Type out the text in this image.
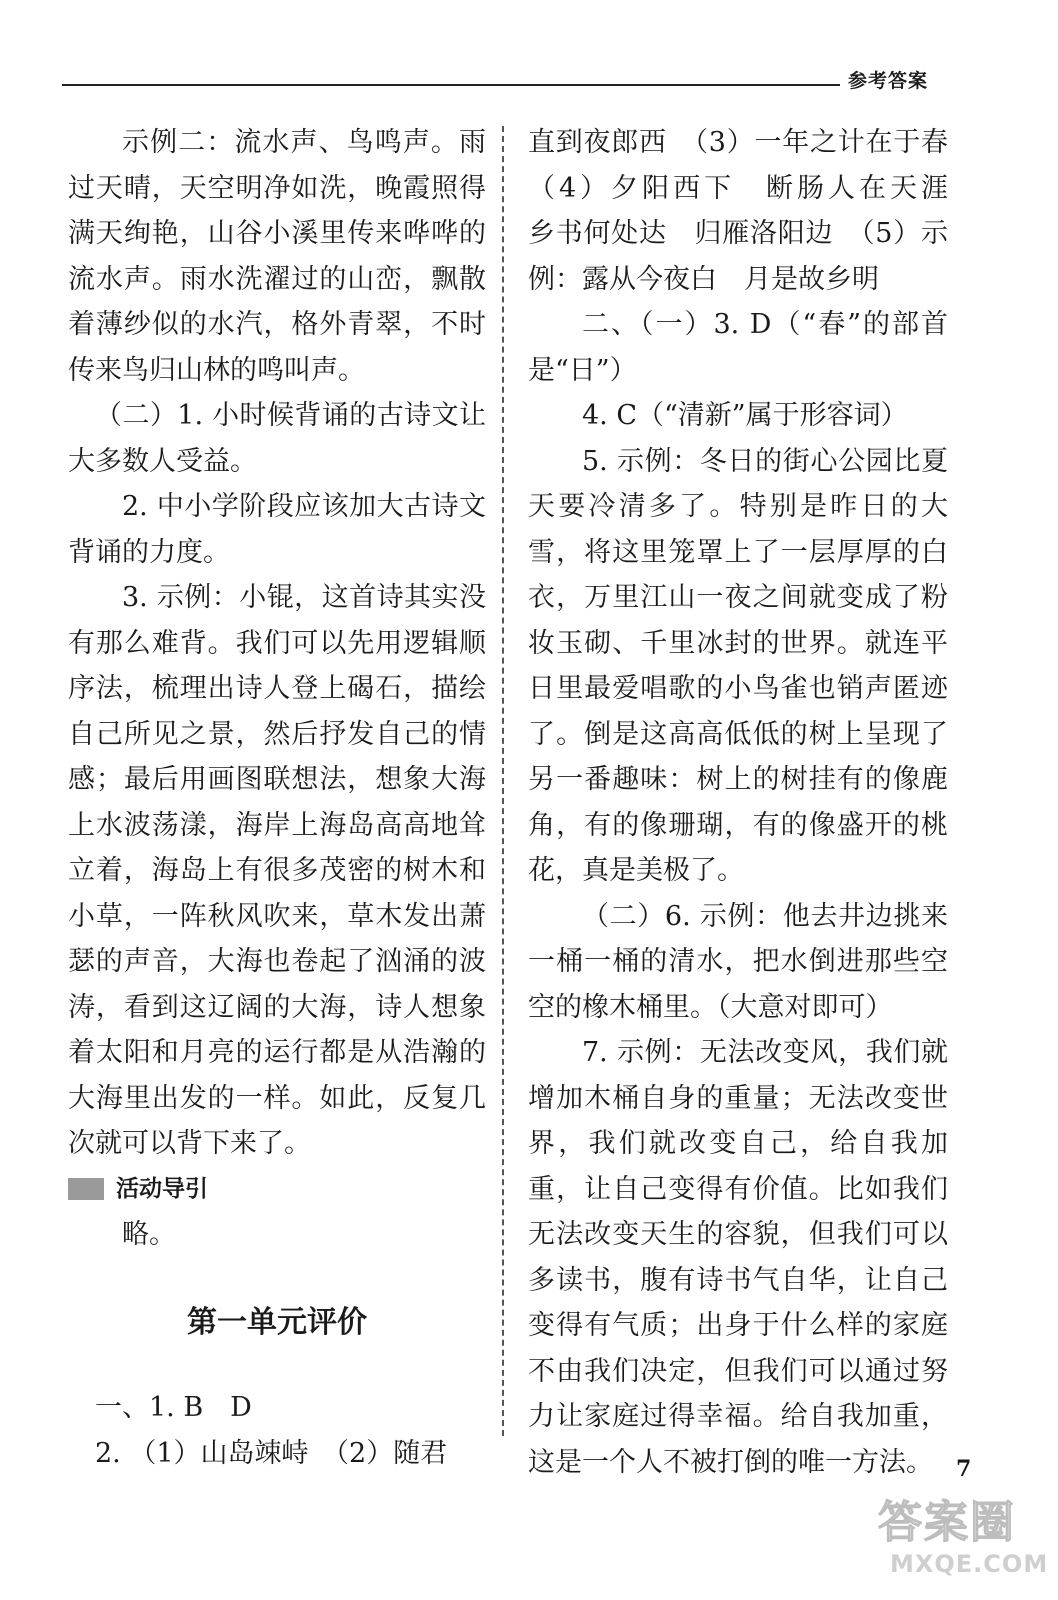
参考答案

示例二：流水声、鸟鸣声。雨过天晴，天空明净如洗，晚霞照得满天绚艳，山谷小溪里传来哗哗的流水声。雨水洗濯过的山峦，飘散着薄纱似的水汽，格外青翠，不时传来鸟归山林的鸣叫声。

（二）1. 小时候背诵的古诗文让大多数人受益。

2. 中小学阶段应该加大古诗文背诵的力度。

3. 示例：小锟，这首诗其实没有那么难背。我们可以先用逻辑顺序法，梳理出诗人登上碣石，描绘自己所见之景，然后抒发自己的情感；最后用画图联想法，想象大海上水波荡漾，海岸上海岛高高地耸立着，海岛上有很多茂密的树木和小草，一阵秋风吹来，草木发出萧瑟的声音，大海也卷起了汹涌的波涛，看到这辽阔的大海，诗人想象着太阳和月亮的运行都是从浩瀚的大海里出发的一样。如此，反复几次就可以背下来了。

活动导引

略。

第一单元评价

一、1. B　D

2. （1）山岛竦峙　（2）随君

直到夜郎西　（3）一年之计在于春　（4）夕阳西下　断肠人在天涯　乡书何处达　归雁洛阳边　（5）示例：露从今夜白　月是故乡明

二、（一）3. D（“春”的部首是“日”）

4. C（“清新”属于形容词）

5. 示例：冬日的街心公园比夏天要冷清多了。特别是昨日的大雪，将这里笼罩上了一层厚厚的白衣，万里江山一夜之间就变成了粉妆玉砌、千里冰封的世界。就连平日里最爱唱歌的小鸟雀也销声匿迹了。倒是这高高低低的树上呈现了另一番趣味：树上的树挂有的像鹿角，有的像珊瑚，有的像盛开的桃花，真是美极了。

（二）6. 示例：他去井边挑来一桶一桶的清水，把水倒进那些空空的橡木桶里。（大意对即可）

7. 示例：无法改变风，我们就增加木桶自身的重量；无法改变世界，我们就改变自己，给自我加重，让自己变得有价值。比如我们无法改变天生的容貌，但我们可以多读书，腹有诗书气自华，让自己变得有气质；出身于什么样的家庭不由我们决定，但我们可以通过努力让家庭过得幸福。给自我加重，这是一个人不被打倒的唯一方法。	7
答案圈
MXQE.COM
